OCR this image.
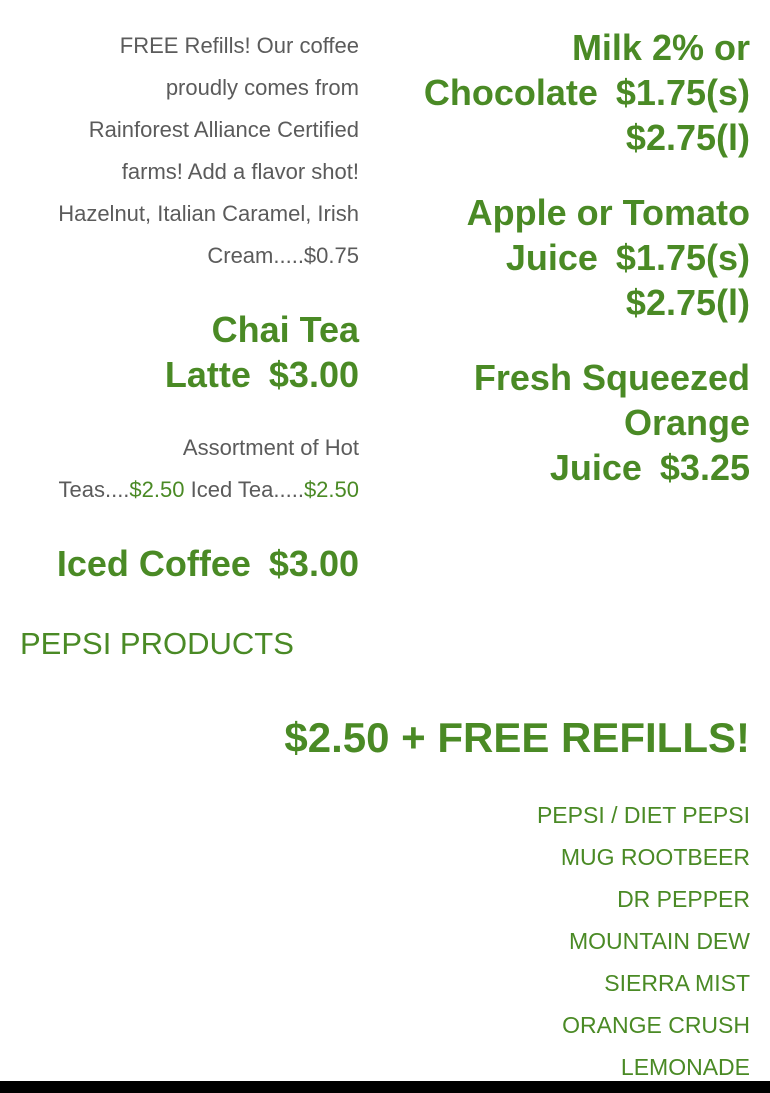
FREE Refills! Our coffee
proudly comes from
Rainforest Alliance Certified
farms! Add a flavor shot!
Hazelnut, Italian Caramel, Irish
Cream.....$0.75
Chai Tea
Latte $3.00
Assortment of Hot
Teas....$2.50 Iced Tea.....$2.50
Iced Coffee $3.00
Milk 2% or
Chocolate $1.75(s)
$2.75(l)
Apple or Tomato
Juice $1.75(s)
$2.75(l)
Fresh Squeezed
Orange
Juice $3.25
PEPSI PRODUCTS
$2.50 + FREE REFILLS!
PEPSI / DIET PEPSI
MUG ROOTBEER
DR PEPPER
MOUNTAIN DEW
SIERRA MIST
ORANGE CRUSH
LEMONADE
